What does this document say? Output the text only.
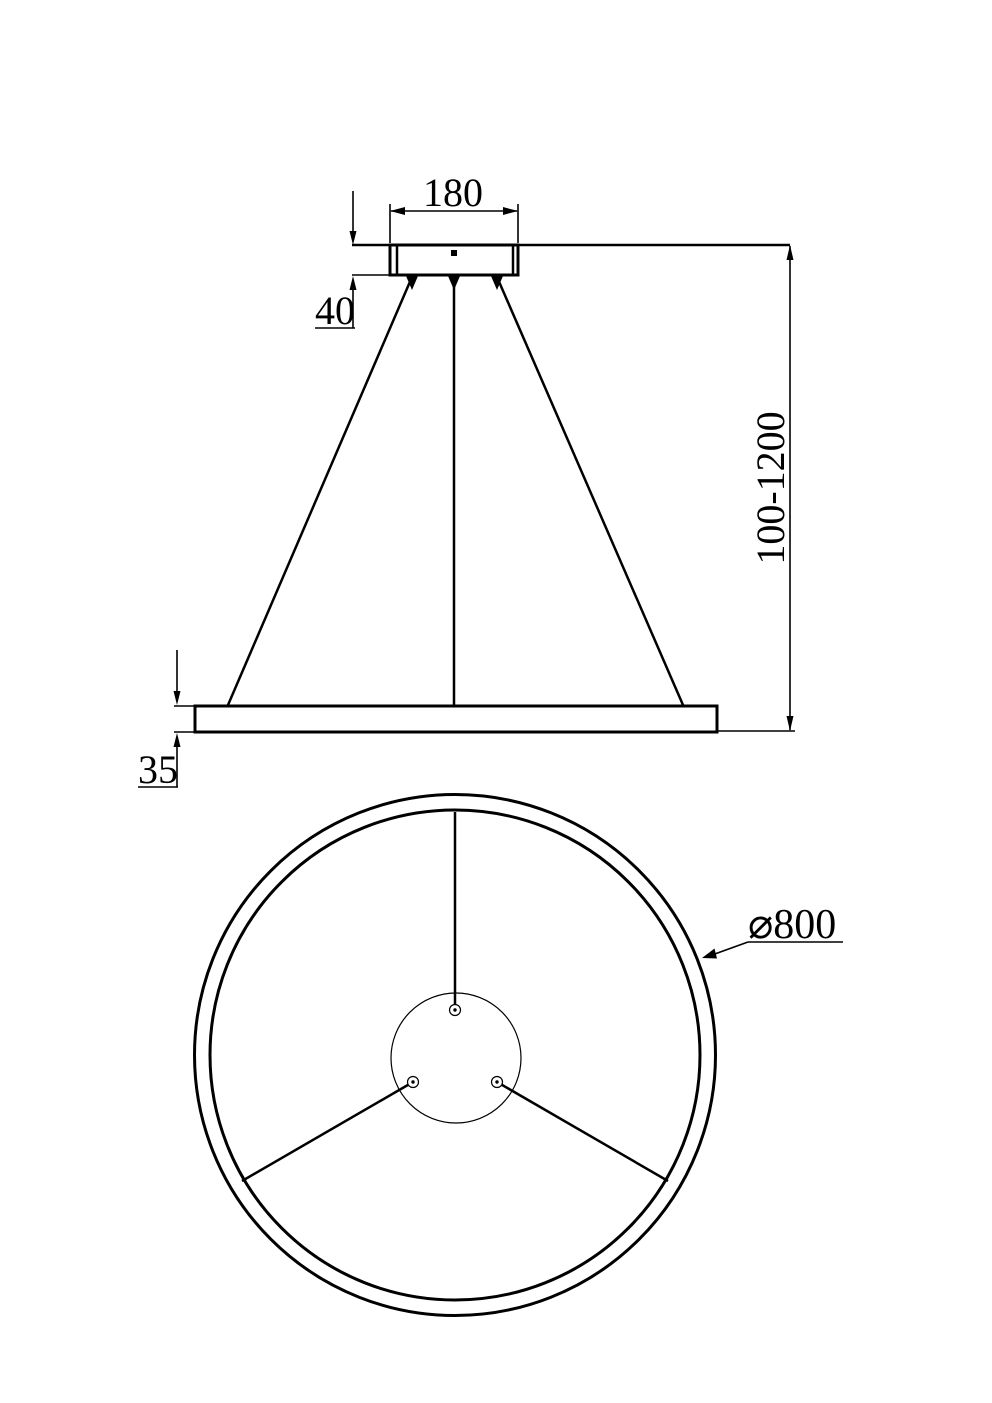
180
40
100-1200
35
⌀800
